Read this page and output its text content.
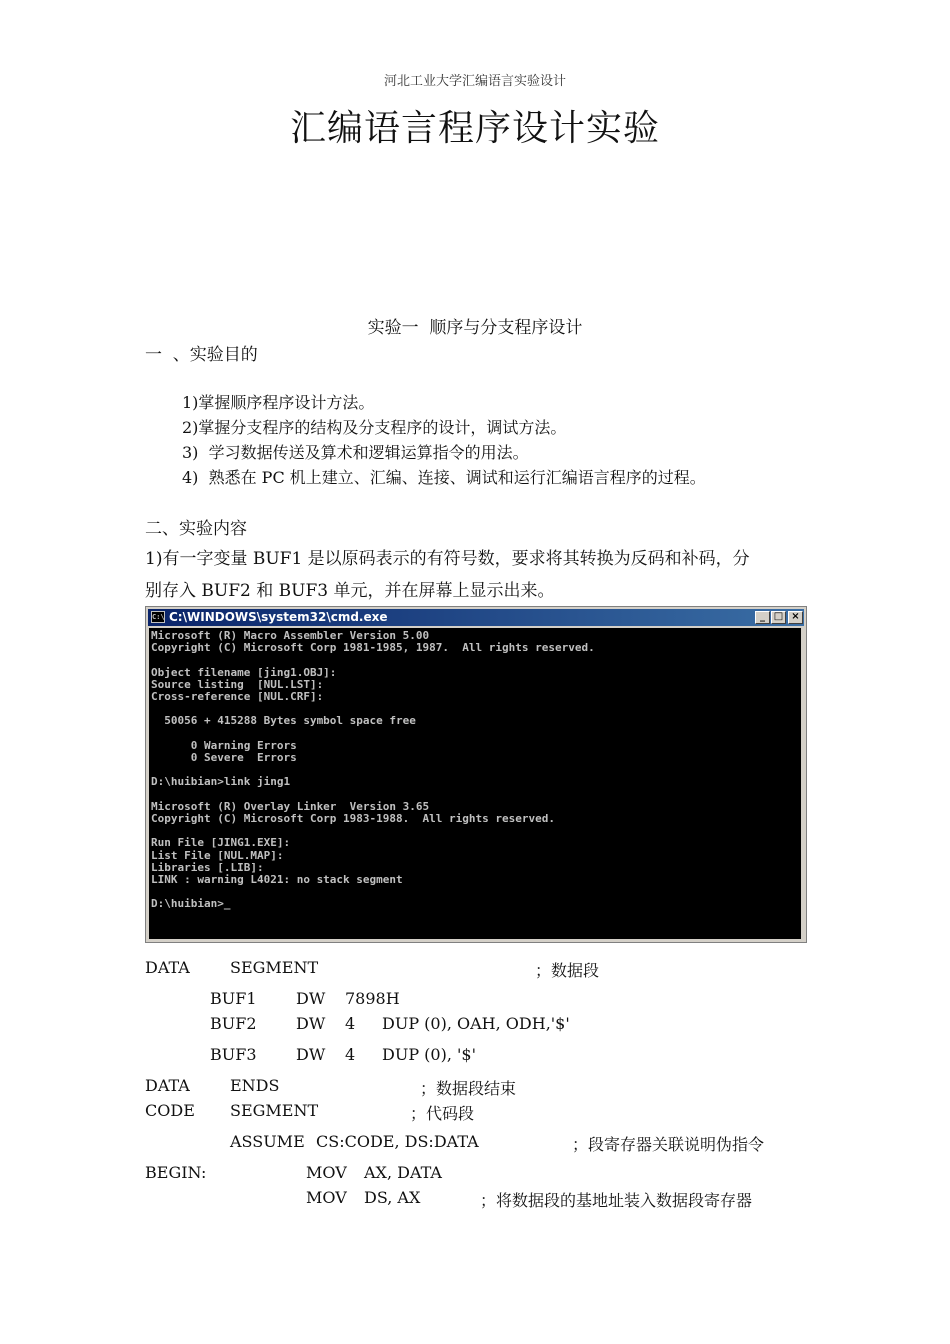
河北工业大学汇编语言实验设计
汇编语言程序设计实验
实验一  顺序与分支程序设计
一  、实验目的
1)掌握顺序程序设计方法。
2)掌握分支程序的结构及分支程序的设计，调试方法。
3)  学习数据传送及算术和逻辑运算指令的用法。
4)  熟悉在 PC 机上建立、汇编、连接、调试和运行汇编语言程序的过程。
二、实验内容
1)有一字变量 BUF1 是以原码表示的有符号数，要求将其转换为反码和补码，分
别存入 BUF2 和 BUF3 单元，并在屏幕上显示出来。
C:\ C:\WINDOWS\system32\cmd.exe	_ □ ×
Microsoft (R) Macro Assembler Version 5.00
Copyright (C) Microsoft Corp 1981-1985, 1987.  All rights reserved.
Object filename [jing1.OBJ]:
Source listing  [NUL.LST]:
Cross-reference [NUL.CRF]:
50056 + 415288 Bytes symbol space free
0 Warning Errors
0 Severe  Errors
D:\huibian>link jing1
Microsoft (R) Overlay Linker  Version 3.65
Copyright (C) Microsoft Corp 1983-1988.  All rights reserved.
Run File [JING1.EXE]:
List File [NUL.MAP]:
Libraries [.LIB]:
LINK : warning L4021: no stack segment
D:\huibian>_
DATA	SEGMENT	；数据段
BUF1 DW 7898H
BUF2 DW 4 DUP (0), OAH, ODH,'$'
BUF3 DW 4 DUP (0), '$'
DATA	ENDS	；数据段结束
CODE SEGMENT	；代码段
ASSUME CS:CODE, DS:DATA	；段寄存器关联说明伪指令
BEGIN:	MOV AX, DATA
MOV DS, AX	；将数据段的基地址装入数据段寄存器
